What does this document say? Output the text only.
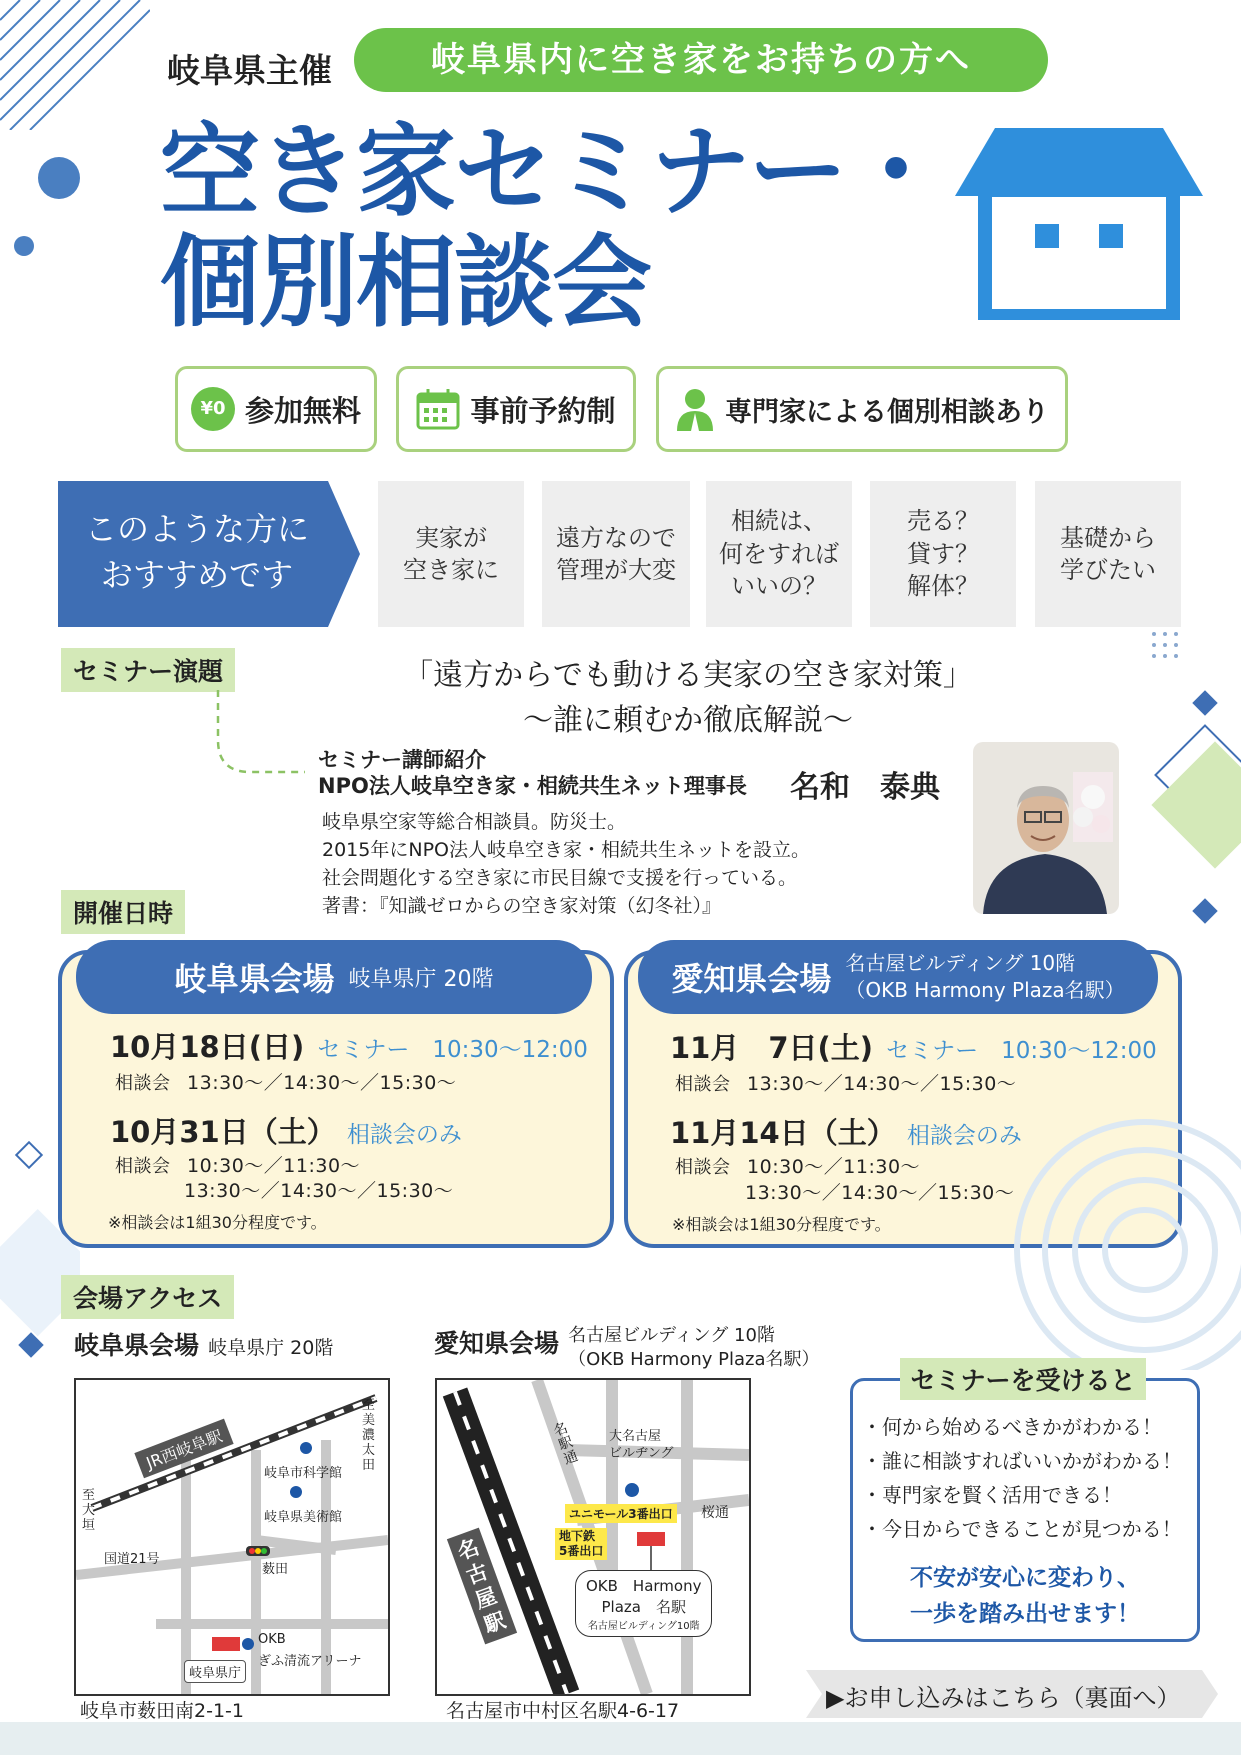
岐阜県主催	岐阜県内に空き家をお持ちの方へ
空き家セミナー・
個別相談会
¥0 参加無料	事前予約制	専門家による個別相談あり
このような方に
おすすめです
実家が
空き家に
遠方なので
管理が大変
相続は、
何をすれば
いいの？
売る？
貸す？
解体？
基礎から
学びたい
セミナー演題	「遠方からでも動ける実家の空き家対策」
～誰に頼むか徹底解説～
セミナー講師紹介
NPO法人岐阜空き家・相続共生ネット理事長 名和　泰典
岐阜県空家等総合相談員。防災士。
2015年にNPO法人岐阜空き家・相続共生ネットを設立。
社会問題化する空き家に市民目線で支援を行っている。
著書：『知識ゼロからの空き家対策（幻冬社）』
開催日時
岐阜県会場 岐阜県庁 20階
10月18日(日) セミナー　10:30～12:00
相談会 13:30～／14:30～／15:30～
10月31日（土） 相談会のみ
相談会 10:30～／11:30～
13:30～／14:30～／15:30～
※相談会は1組30分程度です。
愛知県会場 名古屋ビルディング 10階
（OKB Harmony Plaza名駅）
11月　7日(土) セミナー　10:30～12:00
相談会 13:30～／14:30～／15:30～
11月14日（土） 相談会のみ
相談会 10:30～／11:30～
13:30～／14:30～／15:30～
※相談会は1組30分程度です。
会場アクセス
岐阜県会場 岐阜県庁 20階
JR西岐阜駅
至美濃太田
至大垣
岐阜市科学館
岐阜県美術館
国道21号
薮田
OKB
ぎふ清流アリーナ
岐阜県庁
岐阜市薮田南2-1-1
愛知県会場 名古屋ビルディング 10階
（OKB Harmony Plaza名駅）
名古屋駅
名駅通
大名古屋
ビルヂング
ユニモール3番出口
地下鉄
5番出口
桜通
OKB　Harmony
Plaza　名駅
名古屋ビルディング10階
名古屋市中村区名駅4-6-17
セミナーを受けると
・何から始めるべきかがわかる！
・誰に相談すればいいかがわかる！
・専門家を賢く活用できる！
・今日からできることが見つかる！
不安が安心に変わり、
一歩を踏み出せます！
▶お申し込みはこちら（裏面へ）
